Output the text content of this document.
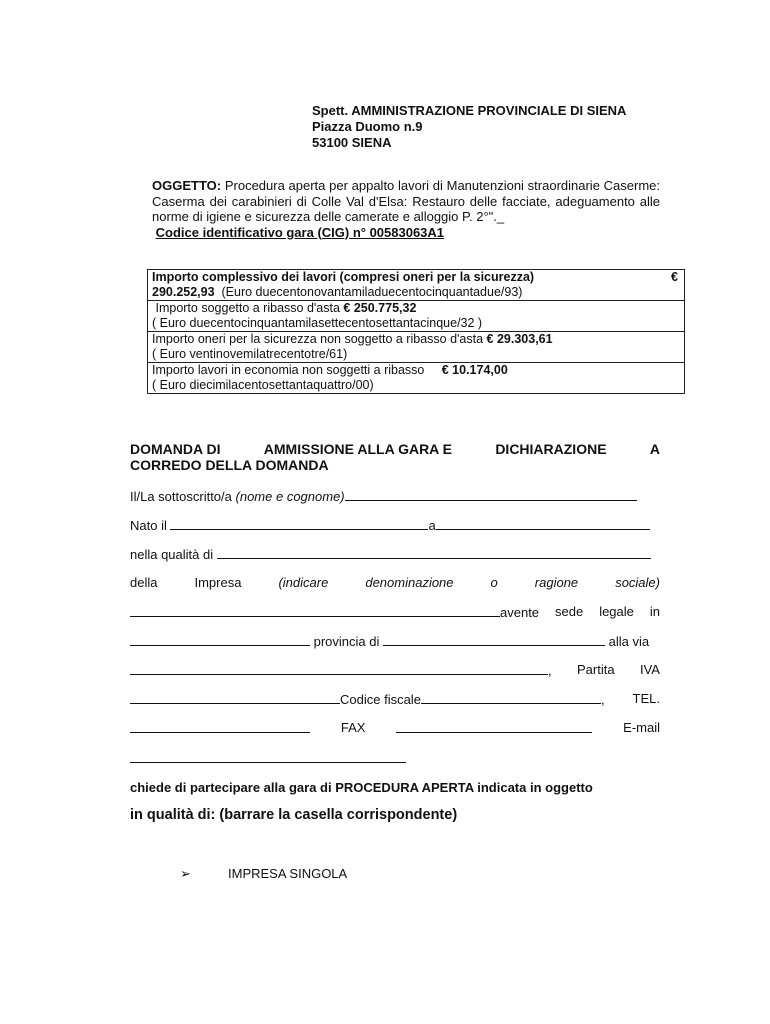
Spett. AMMINISTRAZIONE PROVINCIALE DI SIENA
Piazza Duomo n.9
53100 SIENA
OGGETTO: Procedura aperta per appalto lavori di Manutenzioni straordinarie Caserme: Caserma dei carabinieri di Colle Val d'Elsa: Restauro delle facciate, adeguamento alle norme di igiene e sicurezza delle camerate e alloggio P. 2°"._
Codice identificativo gara (CIG) n° 00583063A1
Importo complessivo dei lavori (compresi oneri per la sicurezza)	€
290.252,93 (Euro duecentonovantamiladuecentocinquantadue/93)
Importo soggetto a ribasso d'asta € 250.775,32
( Euro duecentocinquantamilasettecentosettantacinque/32 )
Importo oneri per la sicurezza non soggetto a ribasso d'asta € 29.303,61
( Euro ventinovemilatrecentotre/61)
Importo lavori in economia non soggetti a ribasso € 10.174,00
( Euro diecimilacentosettantaquattro/00)
DOMANDA DI	AMMISSIONE ALLA GARA E	DICHIARAZIONE	A
CORREDO DELLA DOMANDA
Il/La sottoscritto/a (nome e cognome)
Nato il	a
nella qualità di
della	Impresa	(indicare	denominazione	o	ragione	sociale)
avente sede legale in
provincia di	alla via
, Partita IVA
Codice fiscale	, TEL.
FAX	E-mail
chiede di partecipare alla gara di PROCEDURA APERTA indicata in oggetto
in qualità di: (barrare la casella corrispondente)
➢	IMPRESA SINGOLA
